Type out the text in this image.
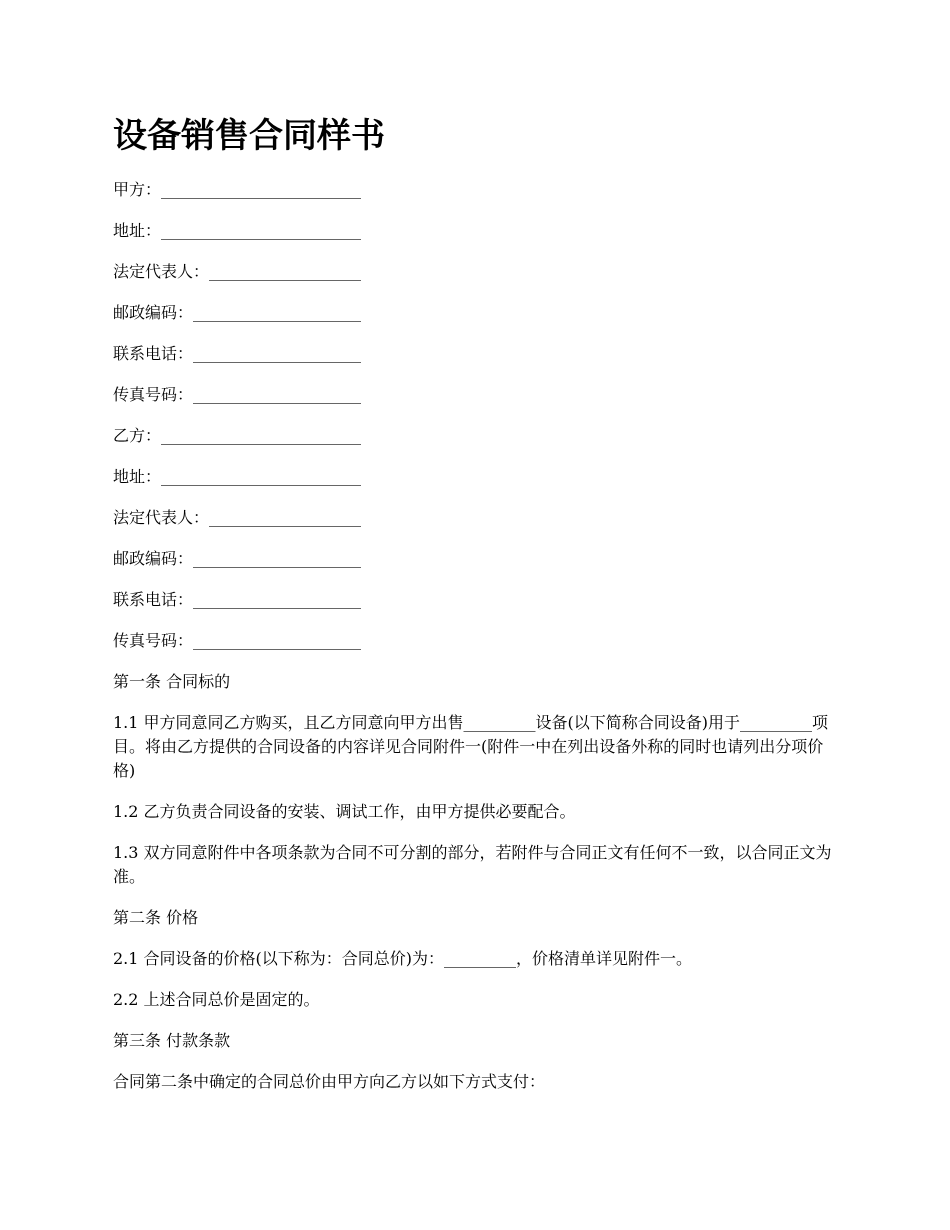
设备销售合同样书

甲方：_________________________

地址：_________________________

法定代表人：___________________

邮政编码：_____________________

联系电话：_____________________

传真号码：_____________________

乙方：_________________________

地址：_________________________

法定代表人：___________________

邮政编码：_____________________

联系电话：_____________________

传真号码：_____________________

第一条 合同标的

1.1 甲方同意同乙方购买，且乙方同意向甲方出售_________设备(以下简称合同设备)用于_________项目。将由乙方提供的合同设备的内容详见合同附件一(附件一中在列出设备外称的同时也请列出分项价格)

1.2 乙方负责合同设备的安装、调试工作，由甲方提供必要配合。

1.3 双方同意附件中各项条款为合同不可分割的部分，若附件与合同正文有任何不一致，以合同正文为准。

第二条 价格

2.1 合同设备的价格(以下称为：合同总价)为：_________，价格清单详见附件一。

2.2 上述合同总价是固定的。

第三条 付款条款

合同第二条中确定的合同总价由甲方向乙方以如下方式支付：
